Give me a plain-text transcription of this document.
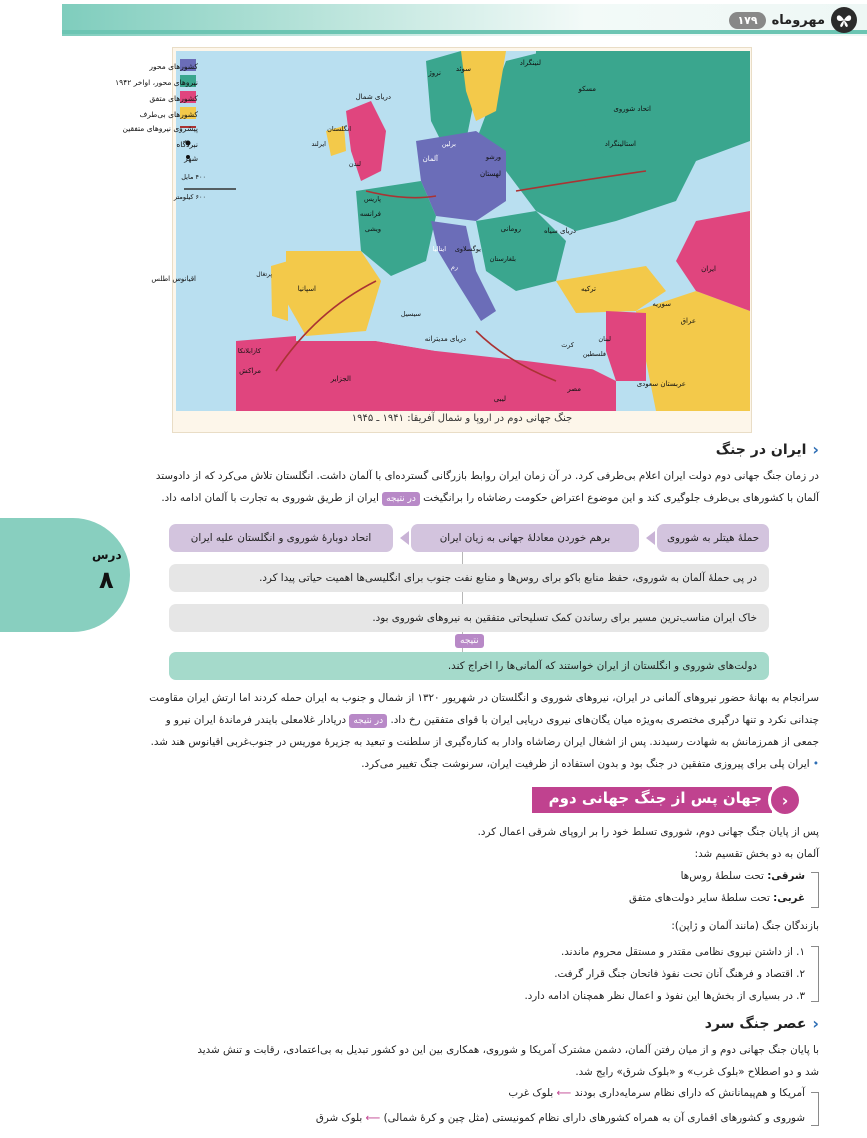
مهروماه
۱۷۹
کشورهای محور
نیروهای محور، اواخر ۱۹۴۲
کشورهای متفق
کشورهای بی‌طرف
پیشروی نیروهای متفقین
نبردگاه
شهر
۴۰۰ مایل
۶۰۰ کیلومتر
سوئد
نروژ
دریای شمال
لنینگراد
مسکو
اتحاد شوروی
استالینگراد
ایرلند
انگلستان
لندن
آلمان
برلین
ورشو
لهستان
پاریس
فرانسه
ویشی	رومانی
یوگسلاوی
بلغارستان
دریای سیاه
ترکیه
ایتالیا
رم
اسپانیا
پرتغال
اقیانوس اطلس
سیسیل
دریای مدیترانه
سوریه
عراق
ایران
لبنان
فلسطین
کرت
مصر
عربستان سعودی
مراکش
الجزایر
کازابلانکا
لیبی
جنگ جهانی دوم در اروپا و شمال آفریقا: ۱۹۴۱ ـ ۱۹۴۵
‹
ایران در جنگ
در زمان جنگ جهانی دوم دولت ایران اعلام بی‌طرفی کرد. در آن زمان ایران روابط بازرگانی گسترده‌ای با آلمان داشت. انگلستان تلاش می‌کرد که از دادوستد
آلمان با کشورهای بی‌طرف جلوگیری کند و این موضوع اعتراض حکومت رضاشاه را برانگیخت در نتیجه ایران از طریق شوروی به تجارت با آلمان ادامه داد.
حملهٔ هیتلر به شوروی
برهم خوردن معادلهٔ جهانی به زیان ایران
اتحاد دوبارهٔ شوروی و انگلستان علیه ایران
در پی حملهٔ آلمان به شوروی، حفظ منابع باکو برای روس‌ها و منابع نفت جنوب برای انگلیسی‌ها اهمیت حیاتی پیدا کرد.
خاک ایران مناسب‌ترین مسیر برای رساندن کمک تسلیحاتی متفقین به نیروهای شوروی بود.
نتیجه
دولت‌های شوروی و انگلستان از ایران خواستند که آلمانی‌ها را اخراج کند.
سرانجام به بهانهٔ حضور نیروهای آلمانی در ایران، نیروهای شوروی و انگلستان در شهریور ۱۳۲۰ از شمال و جنوب به ایران حمله کردند اما ارتش ایران مقاومت
چندانی نکرد و تنها درگیری مختصری به‌ویژه میان یگان‌های نیروی دریایی ایران با قوای متفقین رخ داد. در نتیجه دریادار غلامعلی بایندر فرماندهٔ ایران نیرو و
جمعی از همرزمانش به شهادت رسیدند. پس از اشغال ایران رضاشاه وادار به کناره‌گیری از سلطنت و تبعید به جزیرهٔ موریس در جنوب‌غربی اقیانوس هند شد.
• ایران پلی برای پیروزی متفقین در جنگ بود و بدون استفاده از ظرفیت ایران، سرنوشت جنگ تغییر می‌کرد.
درس
۸
‹
جهان پس از جنگ جهانی دوم
پس از پایان جنگ جهانی دوم، شوروی تسلط خود را بر اروپای شرقی اعمال کرد.
آلمان به دو بخش تقسیم شد:
شرقی: تحت سلطهٔ روس‌ها
غربی: تحت سلطهٔ سایر دولت‌های متفق
بازندگان جنگ (مانند آلمان و ژاپن):
۱. از داشتن نیروی نظامی مقتدر و مستقل محروم ماندند.
۲. اقتصاد و فرهنگ آنان تحت نفوذ فاتحان جنگ قرار گرفت.
۳. در بسیاری از بخش‌ها این نفوذ و اعمال نظر همچنان ادامه دارد.
‹
عصر جنگ سرد
با پایان جنگ جهانی دوم و از میان رفتن آلمان، دشمن مشترک آمریکا و شوروی، همکاری بین این دو کشور تبدیل به بی‌اعتمادی، رقابت و تنش شدید
شد و دو اصطلاح «بلوک غرب» و «بلوک شرق» رایج شد.
آمریکا و هم‌پیمانانش که دارای نظام سرمایه‌داری بودند ⟵ بلوک غرب
شوروی و کشورهای اقماری آن به همراه کشورهای دارای نظام کمونیستی (مثل چین و کرهٔ شمالی) ⟵ بلوک شرق
